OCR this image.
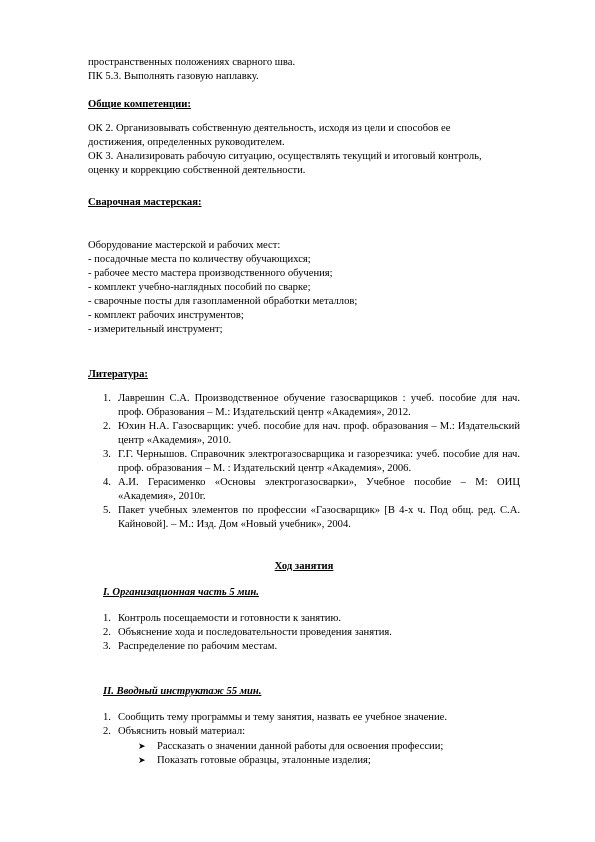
пространственных положениях сварного шва.

ПК 5.3. Выполнять газовую наплавку.

Общие компетенции:

ОК 2. Организовывать собственную деятельность, исходя из цели и способов ее

достижения, определенных руководителем.

ОК 3. Анализировать рабочую ситуацию, осуществлять текущий и итоговый контроль,

оценку и коррекцию собственной деятельности.

Сварочная мастерская:

Оборудование мастерской и рабочих мест:

- посадочные места по количеству обучающихся;

- рабочее место мастера производственного обучения;

- комплект учебно-наглядных пособий по сварке;

- сварочные посты для газопламенной обработки металлов;

- комплект рабочих инструментов;

- измерительный инструмент;

Литература:

1. Лаврешин С.А. Производственное обучение газосварщиков : учеб. пособие для нач. проф. Образования – М.: Издательский центр «Академия», 2012.
2. Юхин Н.А. Газосварщик: учеб. пособие для нач. проф. образования – М.: Издательский центр «Академия», 2010.
3. Г.Г. Чернышов. Справочник электрогазосварщика и газорезчика: учеб. пособие для нач. проф. образования – М. : Издательский центр «Академия», 2006.
4. А.И. Герасименко «Основы электрогазосварки», Учебное пособие – М: ОИЦ «Академия», 2010г.
5. Пакет учебных элементов по профессии «Газосварщик» [В 4-х ч. Под общ. ред. С.А. Кайновой]. – М.: Изд. Дом «Новый учебник», 2004.

Ход занятия

I. Организационная часть 5 мин.

1. Контроль посещаемости и готовности к занятию.
2. Объяснение хода и последовательности проведения занятия.
3. Распределение по рабочим местам.

II. Вводный инструктаж 55 мин.

1. Сообщить тему программы и тему занятия, назвать ее учебное значение.
2. Объяснить новый материал:
➤ Рассказать о значении данной работы для освоения профессии;
➤ Показать готовые образцы, эталонные изделия;
